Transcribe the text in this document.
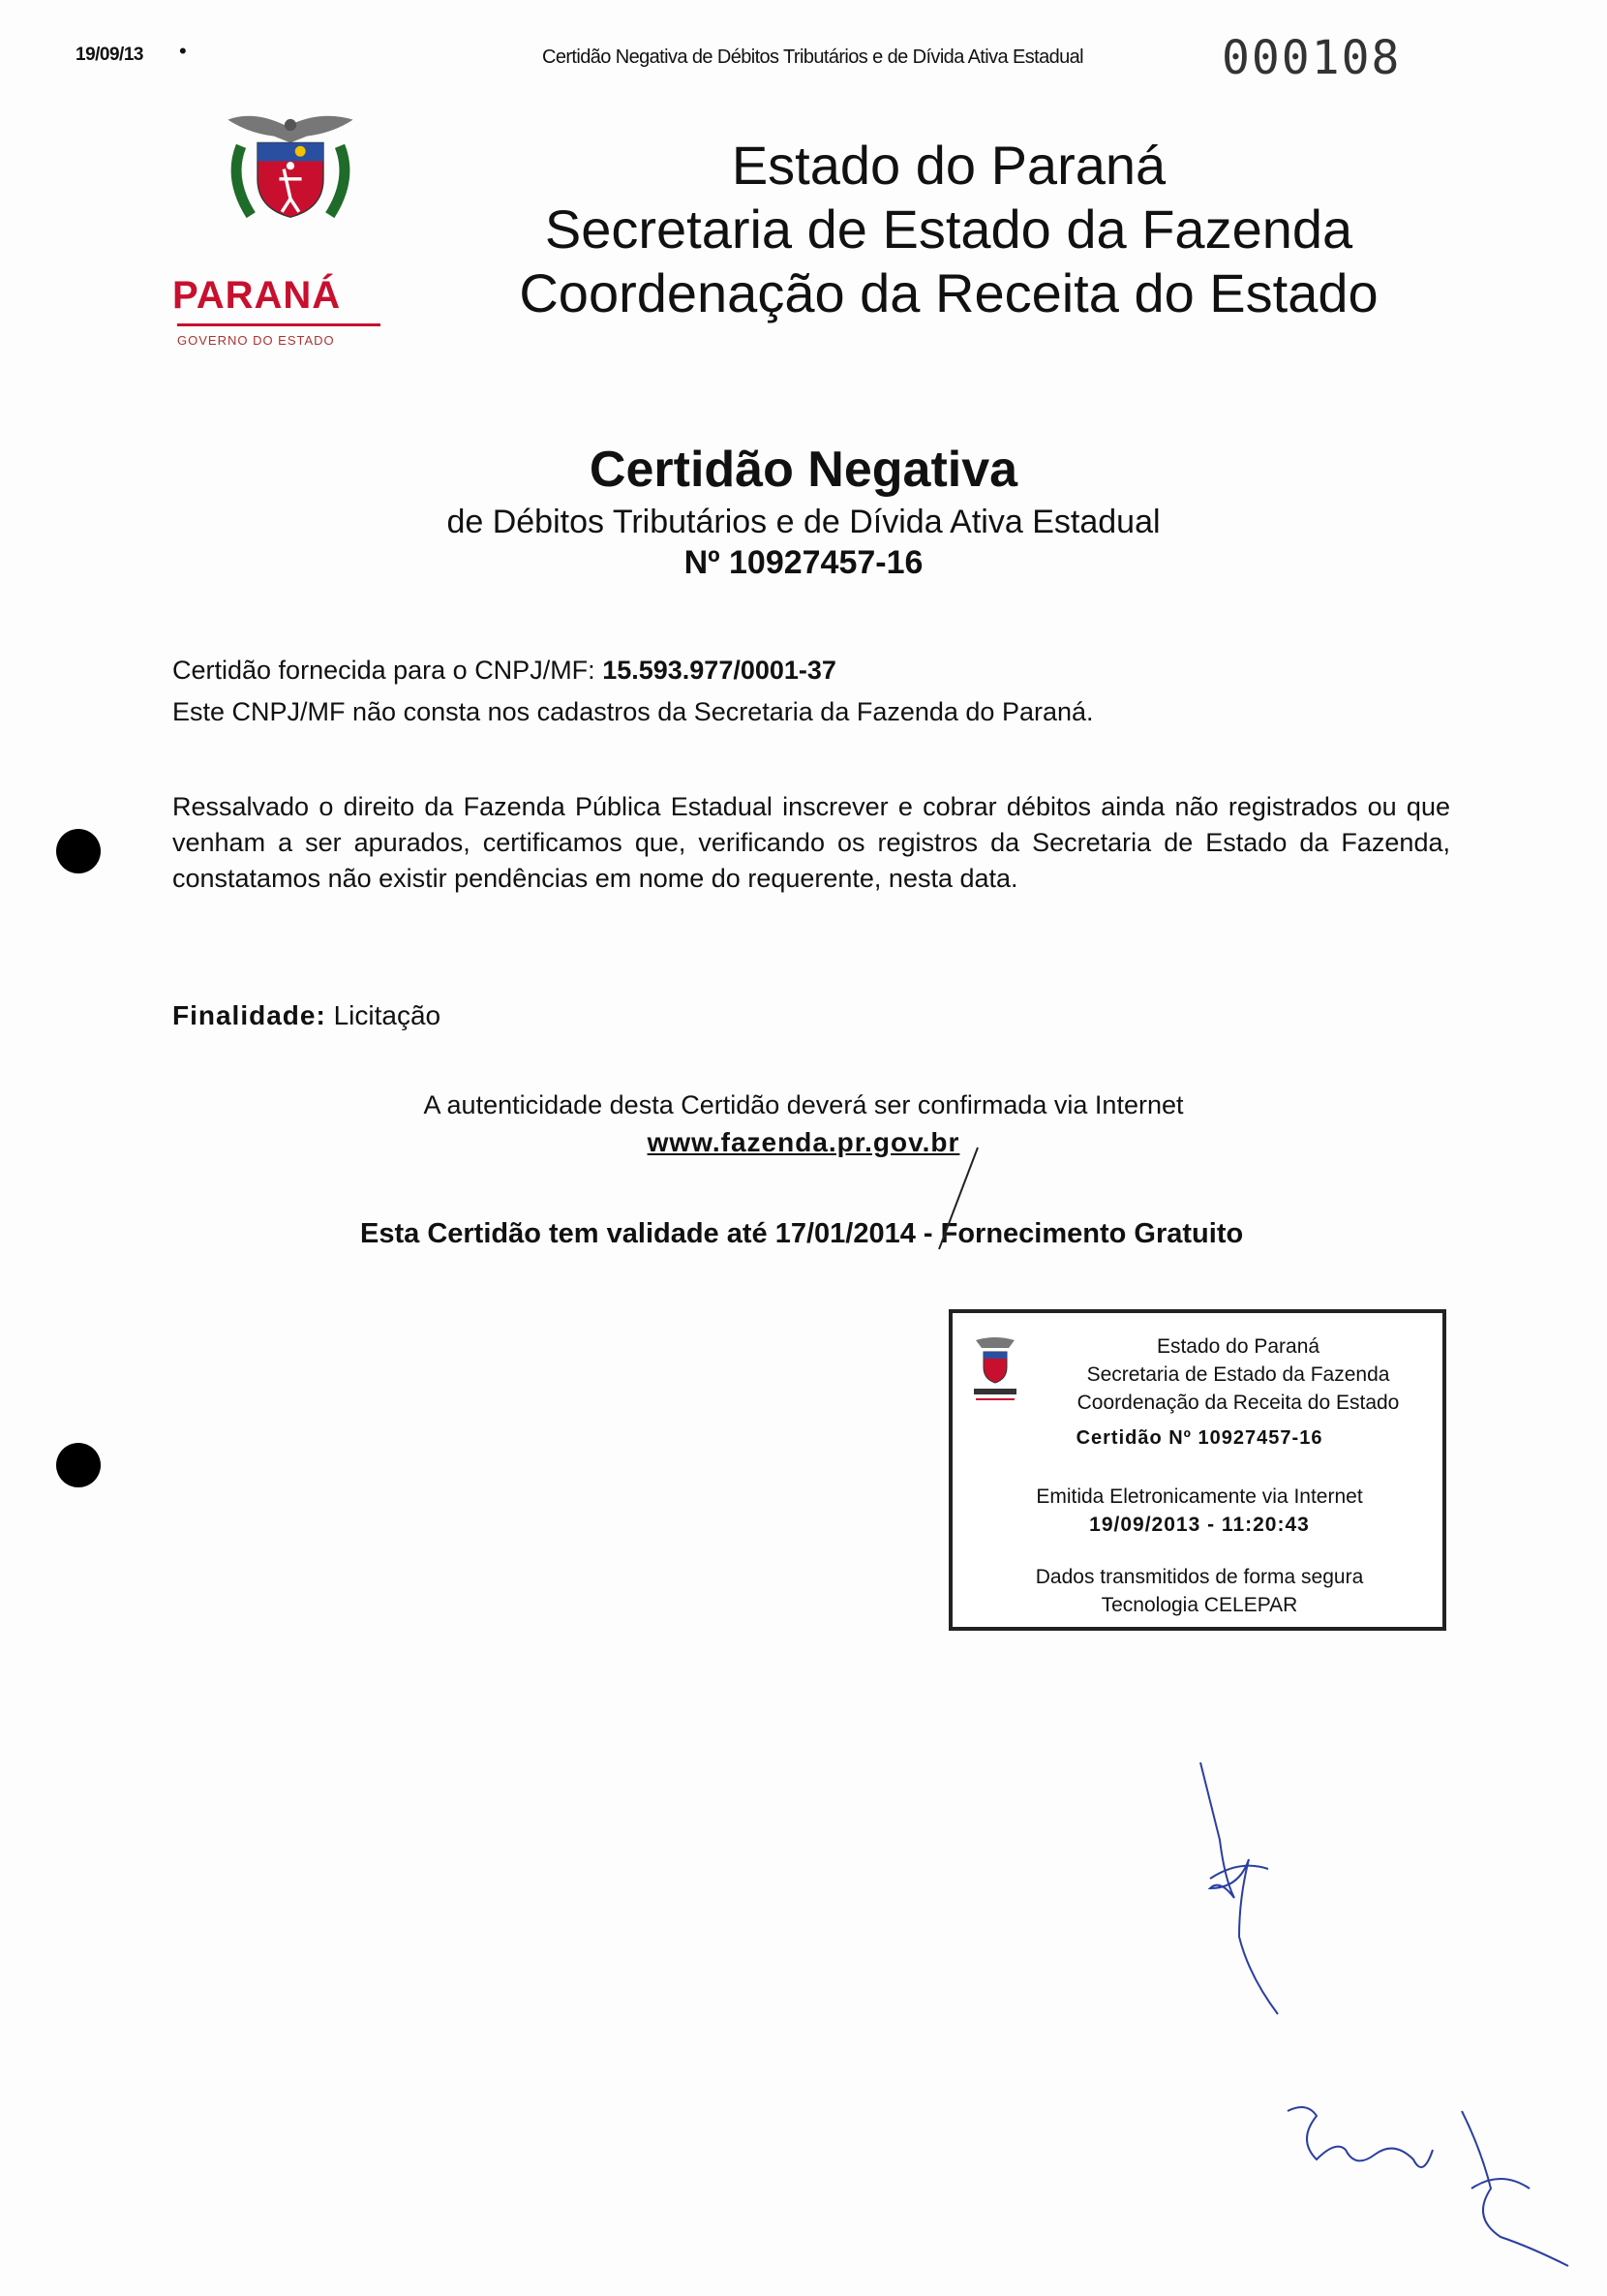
19/09/13 •	Certidão Negativa de Débitos Tributários e de Dívida Ativa Estadual	000108
PARANÁ
GOVERNO DO ESTADO
Estado do Paraná
Secretaria de Estado da Fazenda
Coordenação da Receita do Estado
Certidão Negativa
de Débitos Tributários e de Dívida Ativa Estadual
Nº 10927457-16
Certidão fornecida para o CNPJ/MF: 15.593.977/0001-37
Este CNPJ/MF não consta nos cadastros da Secretaria da Fazenda do Paraná.
Ressalvado o direito da Fazenda Pública Estadual inscrever e cobrar débitos ainda não registrados ou que venham a ser apurados, certificamos que, verificando os registros da Secretaria de Estado da Fazenda, constatamos não existir pendências em nome do requerente, nesta data.
Finalidade: Licitação
A autenticidade desta Certidão deverá ser confirmada via Internet
www.fazenda.pr.gov.br
Esta Certidão tem validade até 17/01/2014 - Fornecimento Gratuito
Estado do Paraná
Secretaria de Estado da Fazenda
Coordenação da Receita do Estado
Certidão Nº 10927457-16
Emitida Eletronicamente via Internet
19/09/2013 - 11:20:43
Dados transmitidos de forma segura
Tecnologia CELEPAR
